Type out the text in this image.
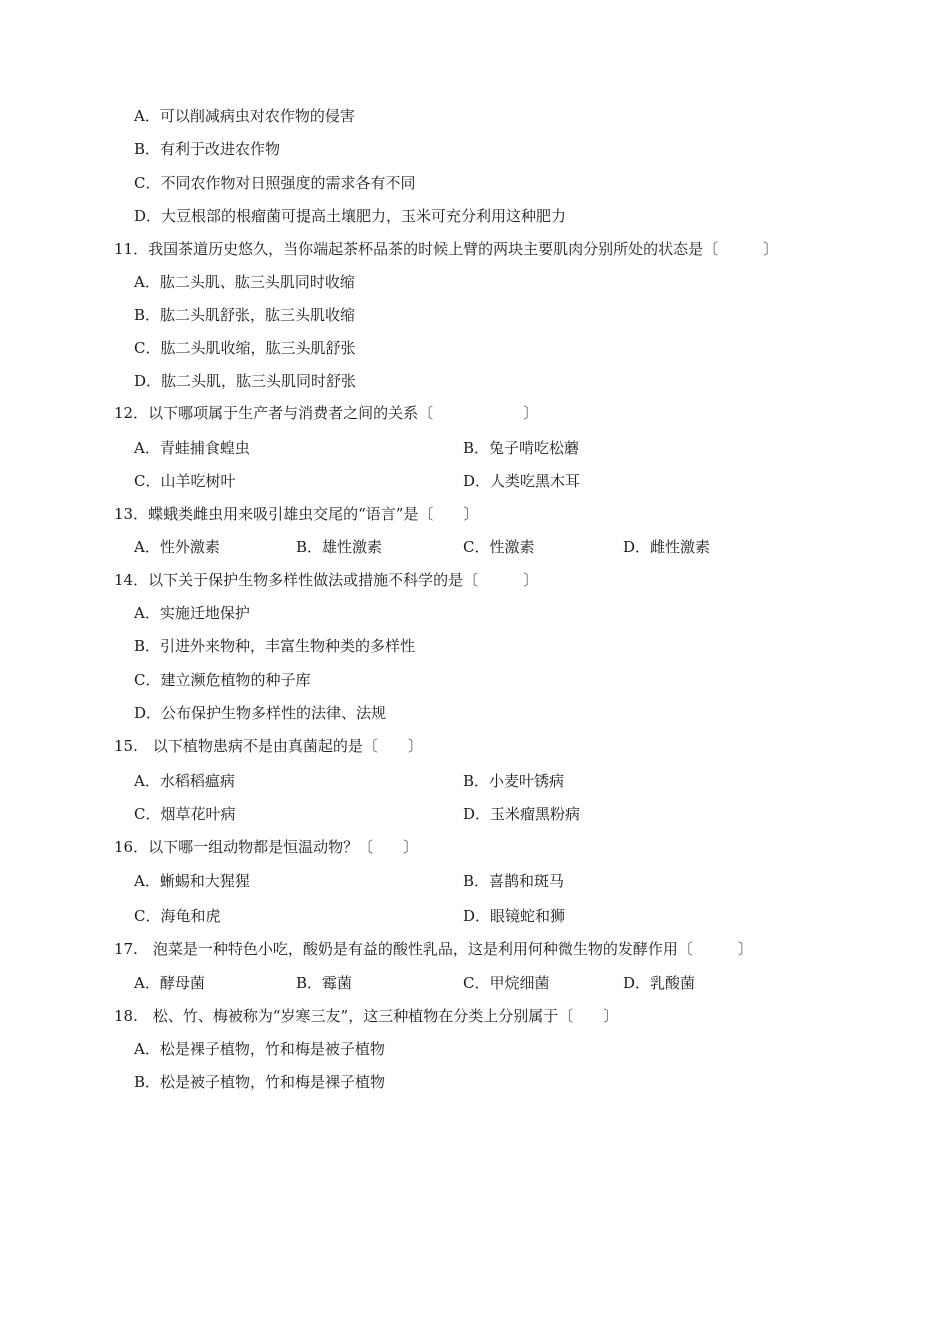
A．可以削减病虫对农作物的侵害
B．有利于改进农作物
C．不同农作物对日照强度的需求各有不同
D．大豆根部的根瘤菌可提高土壤肥力，玉米可充分利用这种肥力
11．我国茶道历史悠久，当你端起茶杯品茶的时候上臂的两块主要肌肉分别所处的状态是〔　　　〕
A．肱二头肌、肱三头肌同时收缩
B．肱二头肌舒张，肱三头肌收缩
C．肱二头肌收缩，肱三头肌舒张
D．肱二头肌，肱三头肌同时舒张
12．以下哪项属于生产者与消费者之间的关系〔　　　　　　〕
A．青蛙捕食蝗虫	B．兔子啃吃松蘑
C．山羊吃树叶	D．人类吃黑木耳
13．蝶蛾类雌虫用来吸引雄虫交尾的“语言”是〔　　〕
A．性外激素	B．雄性激素	C．性激素	D．雌性激素
14．以下关于保护生物多样性做法或措施不科学的是〔　　　〕
A．实施迁地保护
B．引进外来物种，丰富生物种类的多样性
C．建立濒危植物的种子库
D．公布保护生物多样性的法律、法规
15.　以下植物患病不是由真菌起的是〔　　〕
A．水稻稻瘟病	B．小麦叶锈病
C．烟草花叶病	D．玉米瘤黑粉病
16．以下哪一组动物都是恒温动物？〔　　〕
A．蜥蜴和大猩猩	B．喜鹊和斑马
C．海龟和虎	D．眼镜蛇和狮
17.　泡菜是一种特色小吃，酸奶是有益的酸性乳品，这是利用何种微生物的发酵作用〔　　　〕
A．酵母菌	B．霉菌	C．甲烷细菌	D．乳酸菌
18.　松、竹、梅被称为“岁寒三友”，这三种植物在分类上分别属于〔　　〕
A．松是裸子植物，竹和梅是被子植物
B．松是被子植物，竹和梅是裸子植物
